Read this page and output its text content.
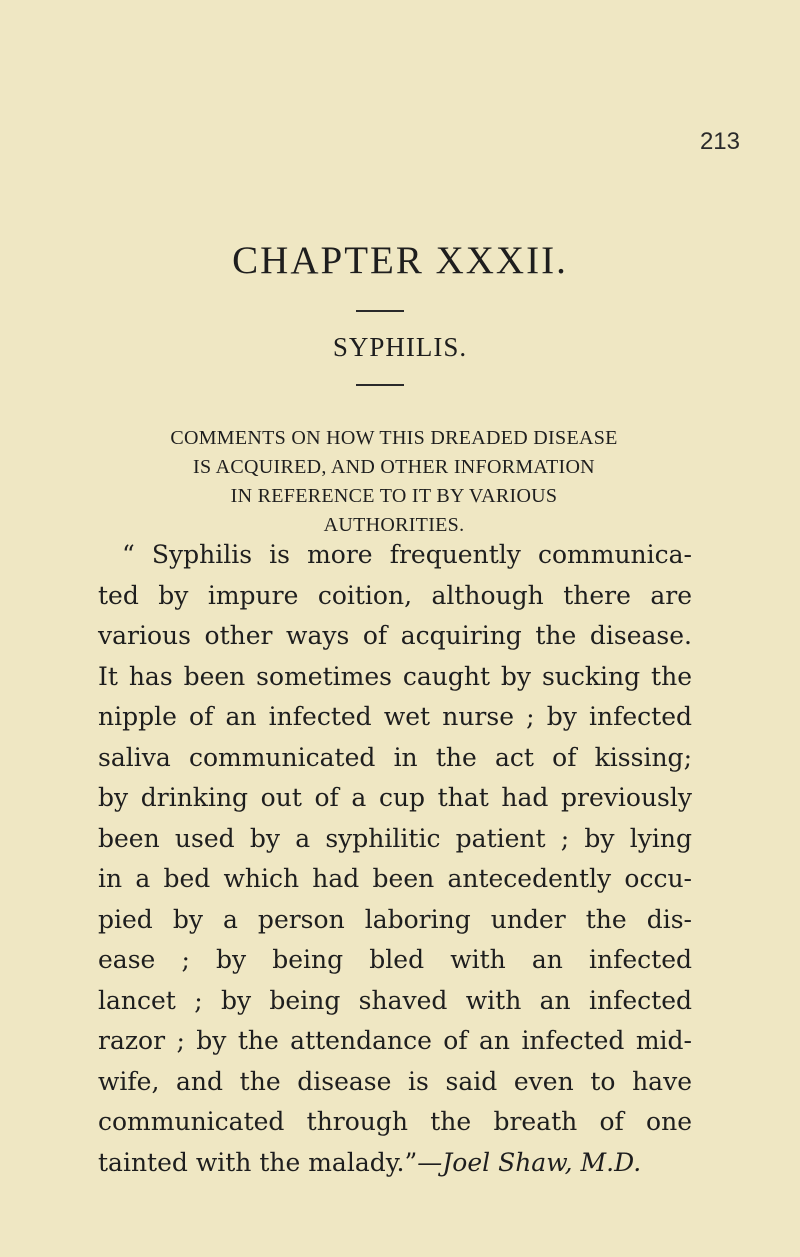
213
CHAPTER XXXII.
SYPHILIS.

COMMENTS ON HOW THIS DREADED DISEASE
IS ACQUIRED, AND OTHER INFORMATION
IN REFERENCE TO IT BY VARIOUS
AUTHORITIES.

“ Syphilis is more frequently communica-
ted by impure coition, although there are
various other ways of acquiring the disease.
It has been sometimes caught by sucking the
nipple of an infected wet nurse ; by infected
saliva communicated in the act of kissing;
by drinking out of a cup that had previously
been used by a syphilitic patient ; by lying
in a bed which had been antecedently occu-
pied by a person laboring under the dis-
ease ; by being bled with an infected
lancet ; by being shaved with an infected
razor ; by the attendance of an infected mid-
wife, and the disease is said even to have
communicated through the breath of one
tainted with the malady.”—Joel Shaw, M.D.
